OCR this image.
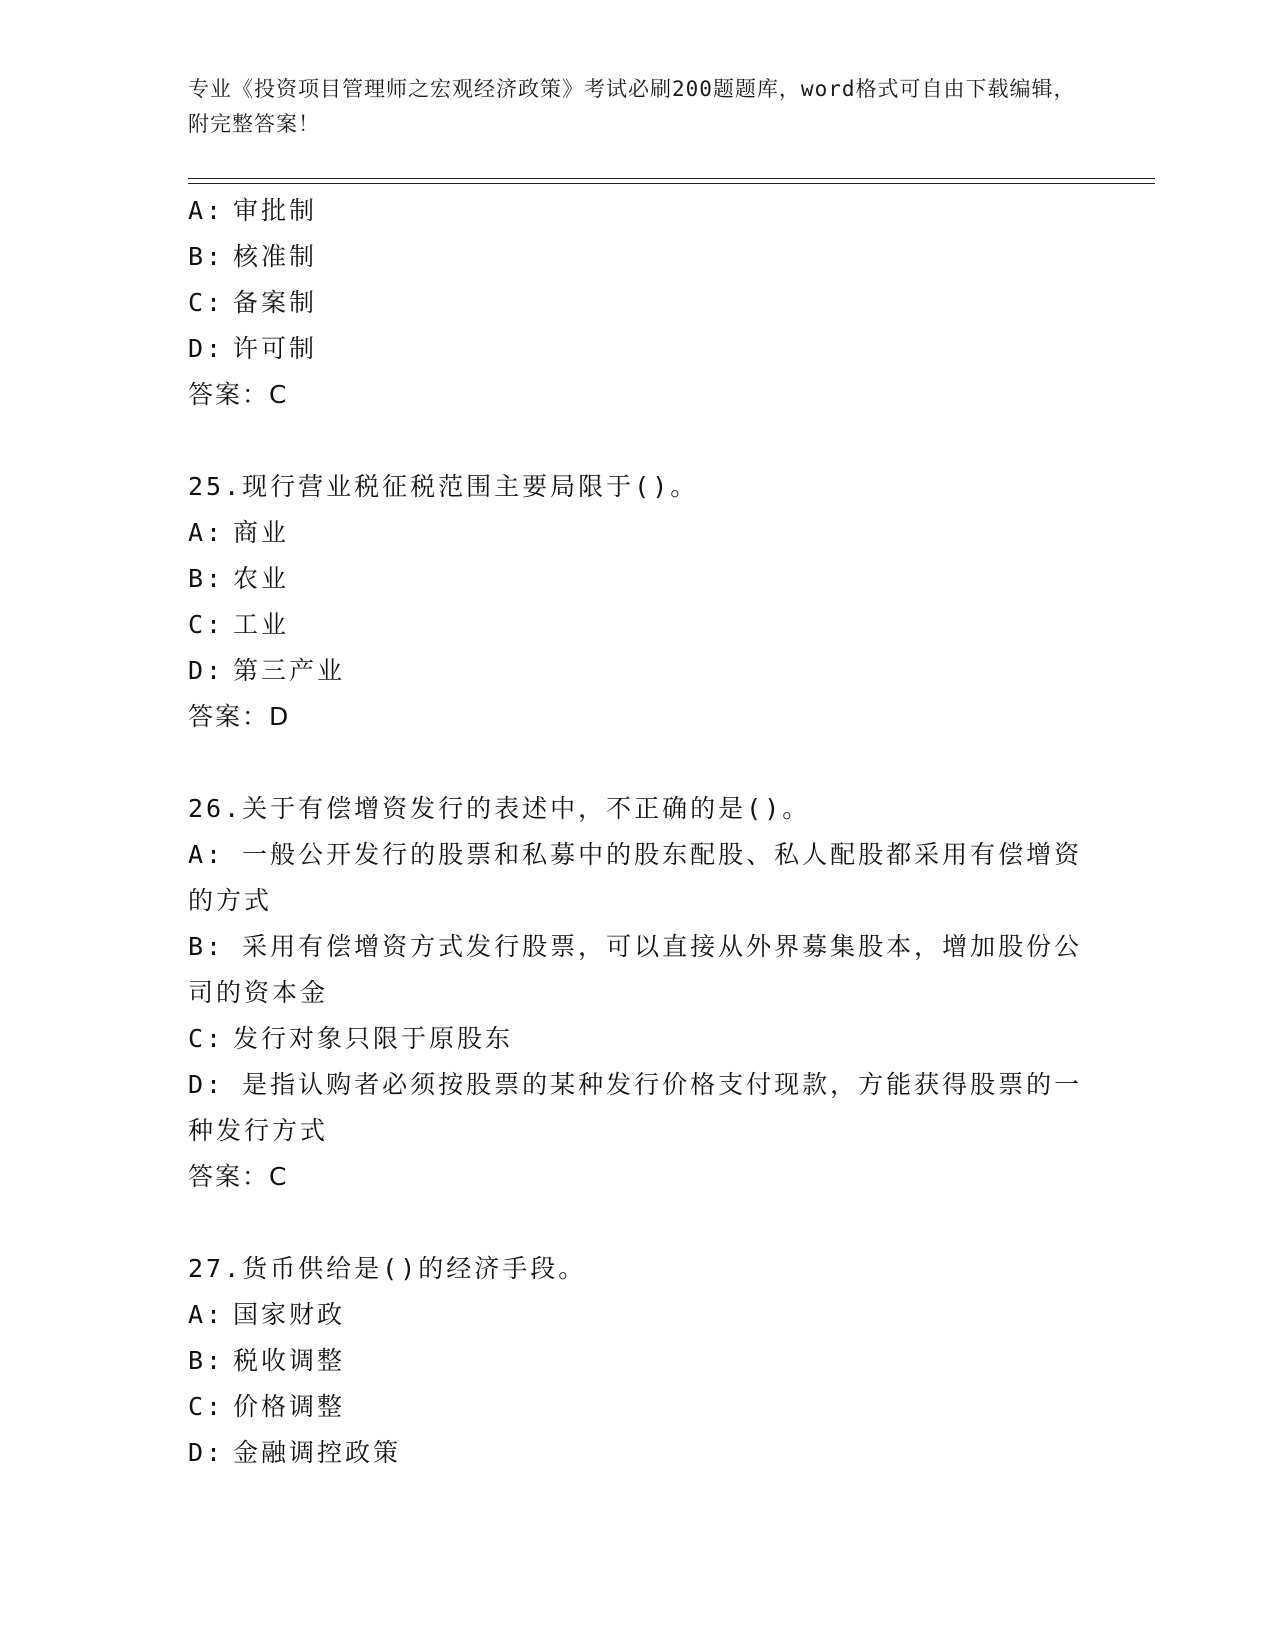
专业《投资项目管理师之宏观经济政策》考试必刷200题题库，word格式可自由下载编辑，附完整答案！
A: 审批制
B: 核准制
C: 备案制
D: 许可制
答案：C
25.现行营业税征税范围主要局限于()。
A: 商业
B: 农业
C: 工业
D: 第三产业
答案：D
26.关于有偿增资发行的表述中，不正确的是()。
A: 一般公开发行的股票和私募中的股东配股、私人配股都采用有偿增资的方式
B: 采用有偿增资方式发行股票，可以直接从外界募集股本，增加股份公司的资本金
C: 发行对象只限于原股东
D: 是指认购者必须按股票的某种发行价格支付现款，方能获得股票的一种发行方式
答案：C
27.货币供给是()的经济手段。
A: 国家财政
B: 税收调整
C: 价格调整
D: 金融调控政策
